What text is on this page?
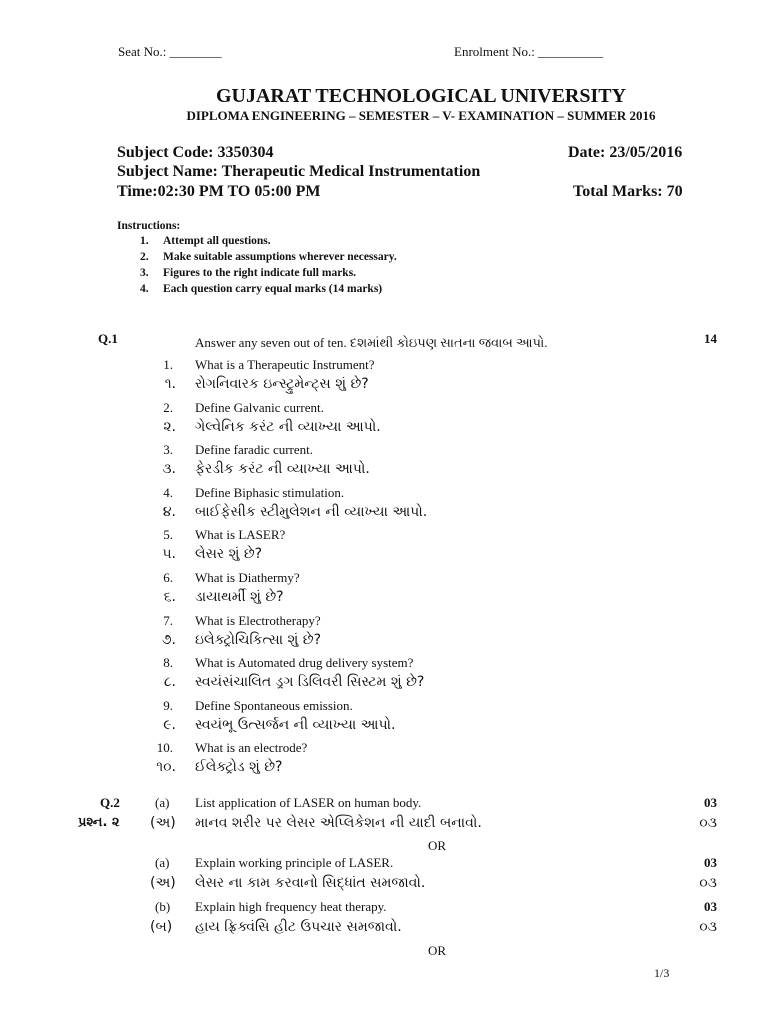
Seat No.: ________	Enrolment No.: __________
GUJARAT TECHNOLOGICAL UNIVERSITY
DIPLOMA ENGINEERING – SEMESTER – V- EXAMINATION – SUMMER 2016
Subject Code: 3350304	Date: 23/05/2016
Subject Name: Therapeutic Medical Instrumentation
Time:02:30 PM TO 05:00 PM	Total Marks: 70
Instructions:
1. Attempt all questions.
2. Make suitable assumptions wherever necessary.
3. Figures to the right indicate full marks.
4. Each question carry equal marks (14 marks)
Q.1	Answer any seven out of ten. દશમાંથી કોઇપણ સાતના જવાબ આપો.	14
1. What is a Therapeutic Instrument?
૧. રોગનિવારક ઇન્સ્ટ્રુમેન્ટ્સ શું છે?
2. Define Galvanic current.
૨. ગેલ્વેનિક કરંટ ની વ્યાખ્યા આપો.
3. Define faradic current.
૩. ફેરડીક કરંટ ની વ્યાખ્યા આપો.
4. Define Biphasic stimulation.
૪. બાઈફેસીક સ્ટીમુલેશન ની વ્યાખ્યા આપો.
5. What is LASER?
૫. લેસર શું છે?
6. What is Diathermy?
૬. ડાયાથર્મી શું છે?
7. What is Electrotherapy?
૭. ઇલેક્ટ્રોચિકિત્સા શું છે?
8. What is Automated drug delivery system?
૮. સ્વયંસંચાલિત ડ્રગ ડિલિવરી સિસ્ટમ શું છે?
9. Define Spontaneous emission.
૯. સ્વયંભૂ ઉત્સર્જન ની વ્યાખ્યા આપો.
10. What is an electrode?
૧૦. ઈલેક્ટ્રોડ શું છે?
Q.2
પ્રશ્ન. ૨
(a) List application of LASER on human body.	03
(અ) માનવ શરીર પર લેસર એપ્લિકેશન ની યાદી બનાવો.	૦૩
OR
(a) Explain working principle of LASER.	03
(અ) લેસર ના કામ કરવાનો સિદ્ધાંત સમજાવો.	૦૩
(b) Explain high frequency heat therapy.	03
(બ) હાય ફ્રિક્વંસિ હીટ ઉપચાર સમજાવો.	૦૩
OR
1/3
